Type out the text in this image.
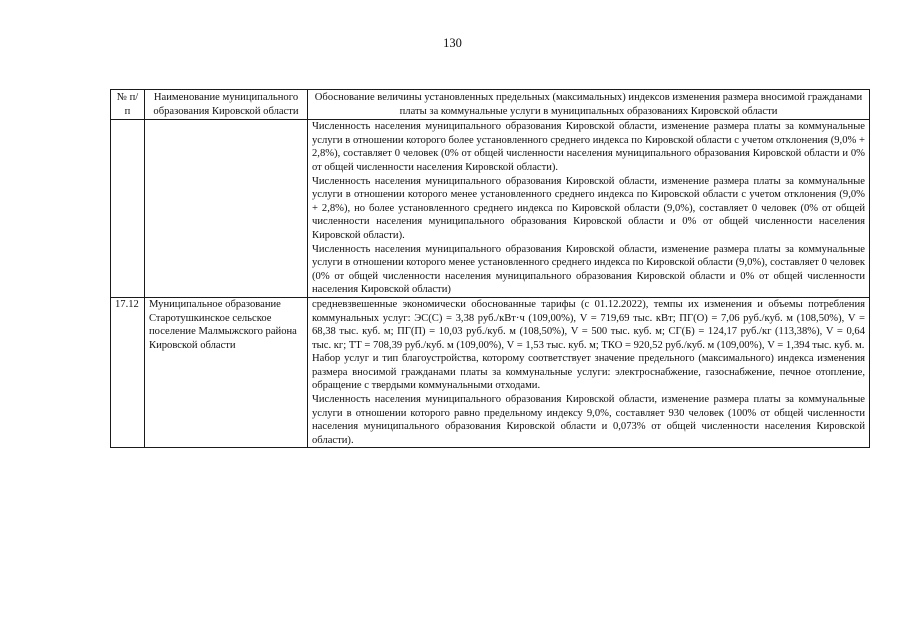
130
№ п/п	Наименование муниципального образования Кировской области	Обоснование величины установленных предельных (максимальных) индексов изменения размера вносимой гражданами платы за коммунальные услуги в муниципальных образованиях Кировской области

		Численность населения муниципального образования Кировской области, изменение размера платы за коммунальные услуги в отношении которого более установленного среднего индекса по Кировской области с учетом отклонения (9,0% + 2,8%), составляет 0 человек (0% от общей численности населения муниципального образования Кировской области и 0% от общей численности населения Кировской области).

Численность населения муниципального образования Кировской области, изменение размера платы за коммунальные услуги в отношении которого менее установленного среднего индекса по Кировской области с учетом отклонения (9,0% + 2,8%), но более установленного среднего индекса по Кировской области (9,0%), составляет 0 человек (0% от общей численности населения муниципального образования Кировской области и 0% от общей численности населения Кировской области).

Численность населения муниципального образования Кировской области, изменение размера платы за коммунальные услуги в отношении которого менее установленного среднего индекса по Кировской области (9,0%), составляет 0 человек (0% от общей численности населения муниципального образования Кировской области и 0% от общей численности населения Кировской области)

17.12	Муниципальное образование Старотушкинское сельское поселение Малмыжского района Кировской области	средневзвешенные экономически обоснованные тарифы (с 01.12.2022), темпы их изменения и объемы потребления коммунальных услуг: ЭС(С) = 3,38 руб./кВт·ч (109,00%), V = 719,69 тыс. кВт; ПГ(О) = 7,06 руб./куб. м (108,50%), V = 68,38 тыс. куб. м; ПГ(П) = 10,03 руб./куб. м (108,50%), V = 500 тыс. куб. м; СГ(Б) = 124,17 руб./кг (113,38%), V = 0,64 тыс. кг; ТТ = 708,39 руб./куб. м (109,00%), V = 1,53 тыс. куб. м; ТКО = 920,52 руб./куб. м (109,00%), V = 1,394 тыс. куб. м.

Набор услуг и тип благоустройства, которому соответствует значение предельного (максимального) индекса изменения размера вносимой гражданами платы за коммунальные услуги: электроснабжение, газоснабжение, печное отопление, обращение с твердыми коммунальными отходами.

Численность населения муниципального образования Кировской области, изменение размера платы за коммунальные услуги в отношении которого равно предельному индексу 9,0%, составляет 930 человек (100% от общей численности населения муниципального образования Кировской области и 0,073% от общей численности населения Кировской области).
